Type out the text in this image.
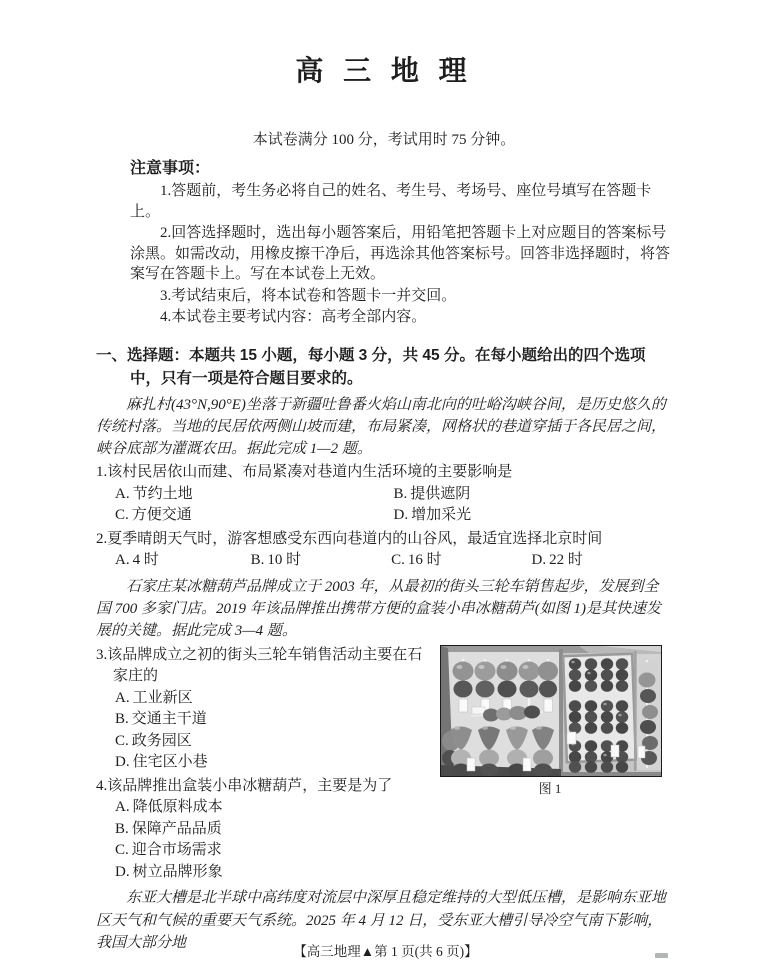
高 三 地 理

本试卷满分 100 分，考试用时 75 分钟。

注意事项：

1.答题前，考生务必将自己的姓名、考生号、考场号、座位号填写在答题卡上。

2.回答选择题时，选出每小题答案后，用铅笔把答题卡上对应题目的答案标号涂黑。如需改动，用橡皮擦干净后，再选涂其他答案标号。回答非选择题时，将答案写在答题卡上。写在本试卷上无效。

3.考试结束后，将本试卷和答题卡一并交回。

4.本试卷主要考试内容：高考全部内容。

一、选择题：本题共 15 小题，每小题 3 分，共 45 分。在每小题给出的四个选项中，只有一项是符合题目要求的。

麻扎村(43°N,90°E)坐落于新疆吐鲁番火焰山南北向的吐峪沟峡谷间，是历史悠久的传统村落。当地的民居依两侧山坡而建，布局紧凑，网格状的巷道穿插于各民居之间，峡谷底部为灌溉农田。据此完成 1—2 题。

1.该村民居依山而建、布局紧凑对巷道内生活环境的主要影响是

A. 节约土地	B. 提供遮阴
C. 方便交通	D. 增加采光

2.夏季晴朗天气时，游客想感受东西向巷道内的山谷风，最适宜选择北京时间

A. 4 时	B. 10 时	C. 16 时	D. 22 时

石家庄某冰糖葫芦品牌成立于 2003 年，从最初的街头三轮车销售起步，发展到全国 700 多家门店。2019 年该品牌推出携带方便的盒装小串冰糖葫芦(如图 1)是其快速发展的关键。据此完成 3—4 题。

图 1

3.该品牌成立之初的街头三轮车销售活动主要在石家庄的

A. 工业新区
B. 交通主干道
C. 政务园区
D. 住宅区小巷

4.该品牌推出盒装小串冰糖葫芦，主要是为了

A. 降低原料成本
B. 保障产品品质
C. 迎合市场需求
D. 树立品牌形象

东亚大槽是北半球中高纬度对流层中深厚且稳定维持的大型低压槽，是影响东亚地区天气和气候的重要天气系统。2025 年 4 月 12 日，受东亚大槽引导冷空气南下影响，我国大部分地

【高三地理▲第 1 页(共 6 页)】
